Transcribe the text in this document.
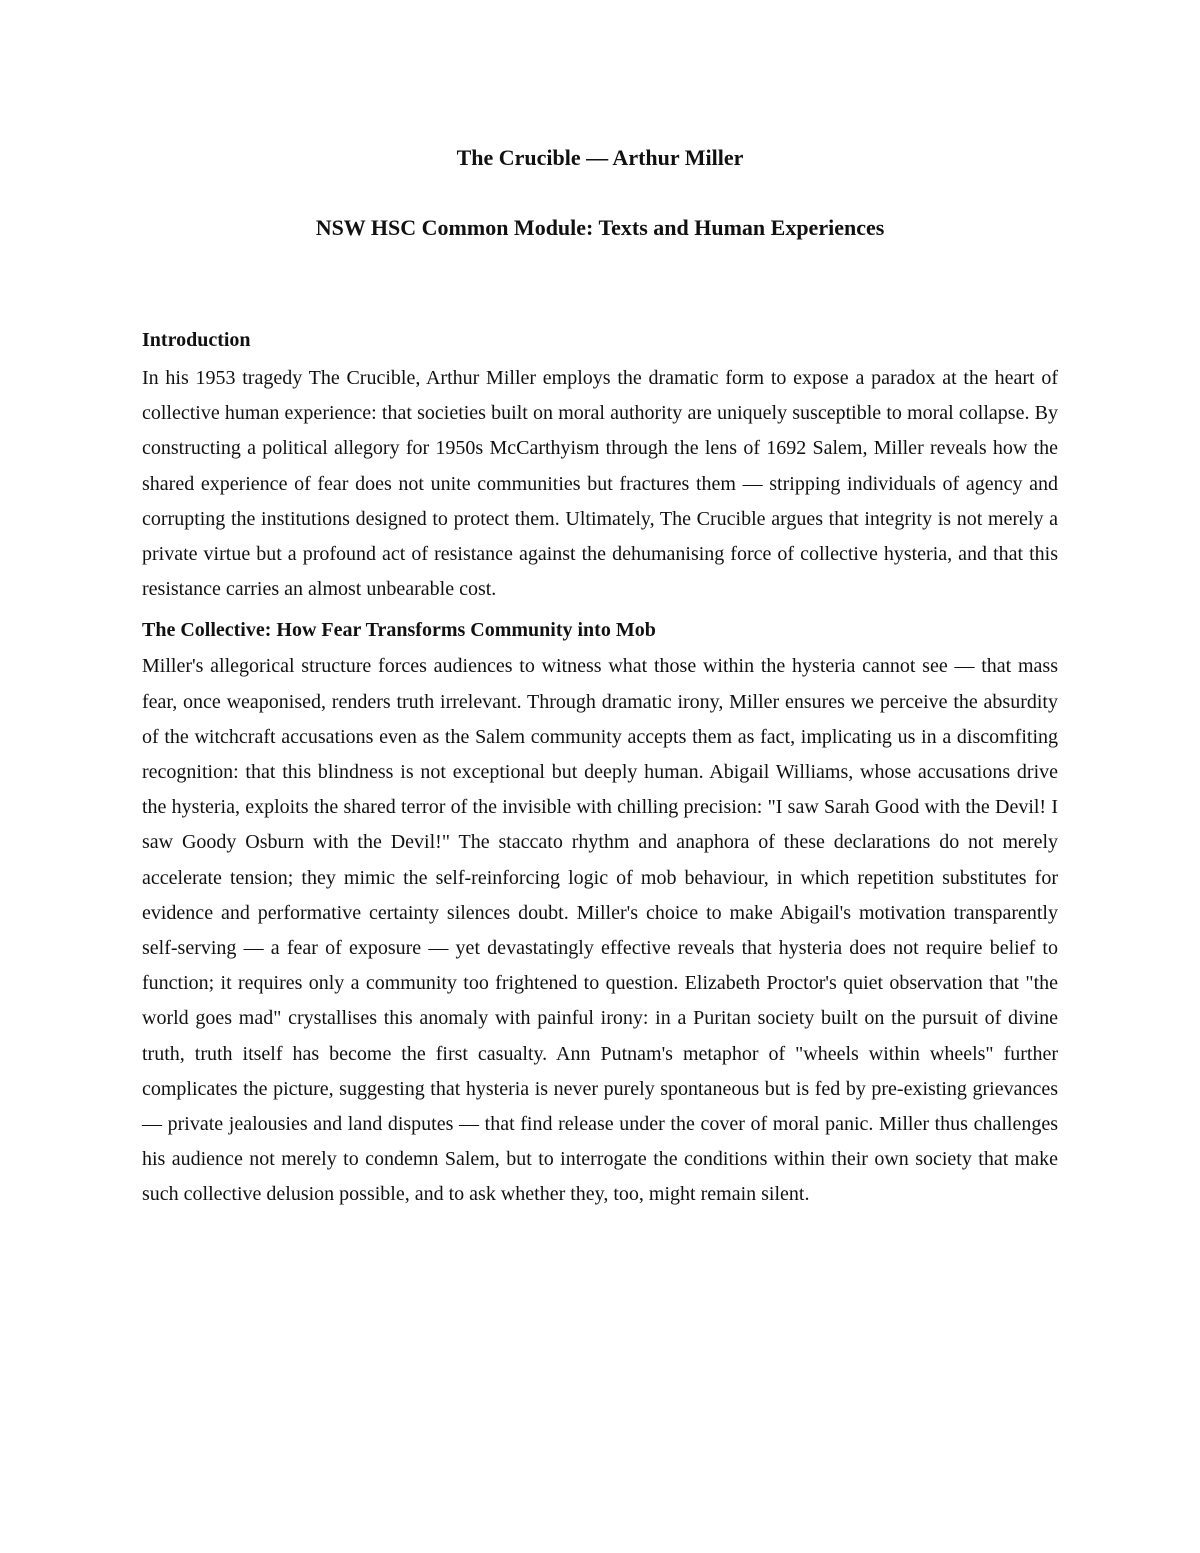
The Crucible — Arthur Miller
NSW HSC Common Module: Texts and Human Experiences
Introduction

In his 1953 tragedy The Crucible, Arthur Miller employs the dramatic form to expose a paradox at the heart of collective human experience: that societies built on moral authority are uniquely susceptible to moral collapse. By constructing a political allegory for 1950s McCarthyism through the lens of 1692 Salem, Miller reveals how the shared experience of fear does not unite communities but fractures them — stripping individuals of agency and corrupting the institutions designed to protect them. Ultimately, The Crucible argues that integrity is not merely a private virtue but a profound act of resistance against the dehumanising force of collective hysteria, and that this resistance carries an almost unbearable cost.

The Collective: How Fear Transforms Community into Mob

Miller's allegorical structure forces audiences to witness what those within the hysteria cannot see — that mass fear, once weaponised, renders truth irrelevant. Through dramatic irony, Miller ensures we perceive the absurdity of the witchcraft accusations even as the Salem community accepts them as fact, implicating us in a discomfiting recognition: that this blindness is not exceptional but deeply human. Abigail Williams, whose accusations drive the hysteria, exploits the shared terror of the invisible with chilling precision: "I saw Sarah Good with the Devil! I saw Goody Osburn with the Devil!" The staccato rhythm and anaphora of these declarations do not merely accelerate tension; they mimic the self-reinforcing logic of mob behaviour, in which repetition substitutes for evidence and performative certainty silences doubt. Miller's choice to make Abigail's motivation transparently self-serving — a fear of exposure — yet devastatingly effective reveals that hysteria does not require belief to function; it requires only a community too frightened to question. Elizabeth Proctor's quiet observation that "the world goes mad" crystallises this anomaly with painful irony: in a Puritan society built on the pursuit of divine truth, truth itself has become the first casualty. Ann Putnam's metaphor of "wheels within wheels" further complicates the picture, suggesting that hysteria is never purely spontaneous but is fed by pre-existing grievances — private jealousies and land disputes — that find release under the cover of moral panic. Miller thus challenges his audience not merely to condemn Salem, but to interrogate the conditions within their own society that make such collective delusion possible, and to ask whether they, too, might remain silent.
